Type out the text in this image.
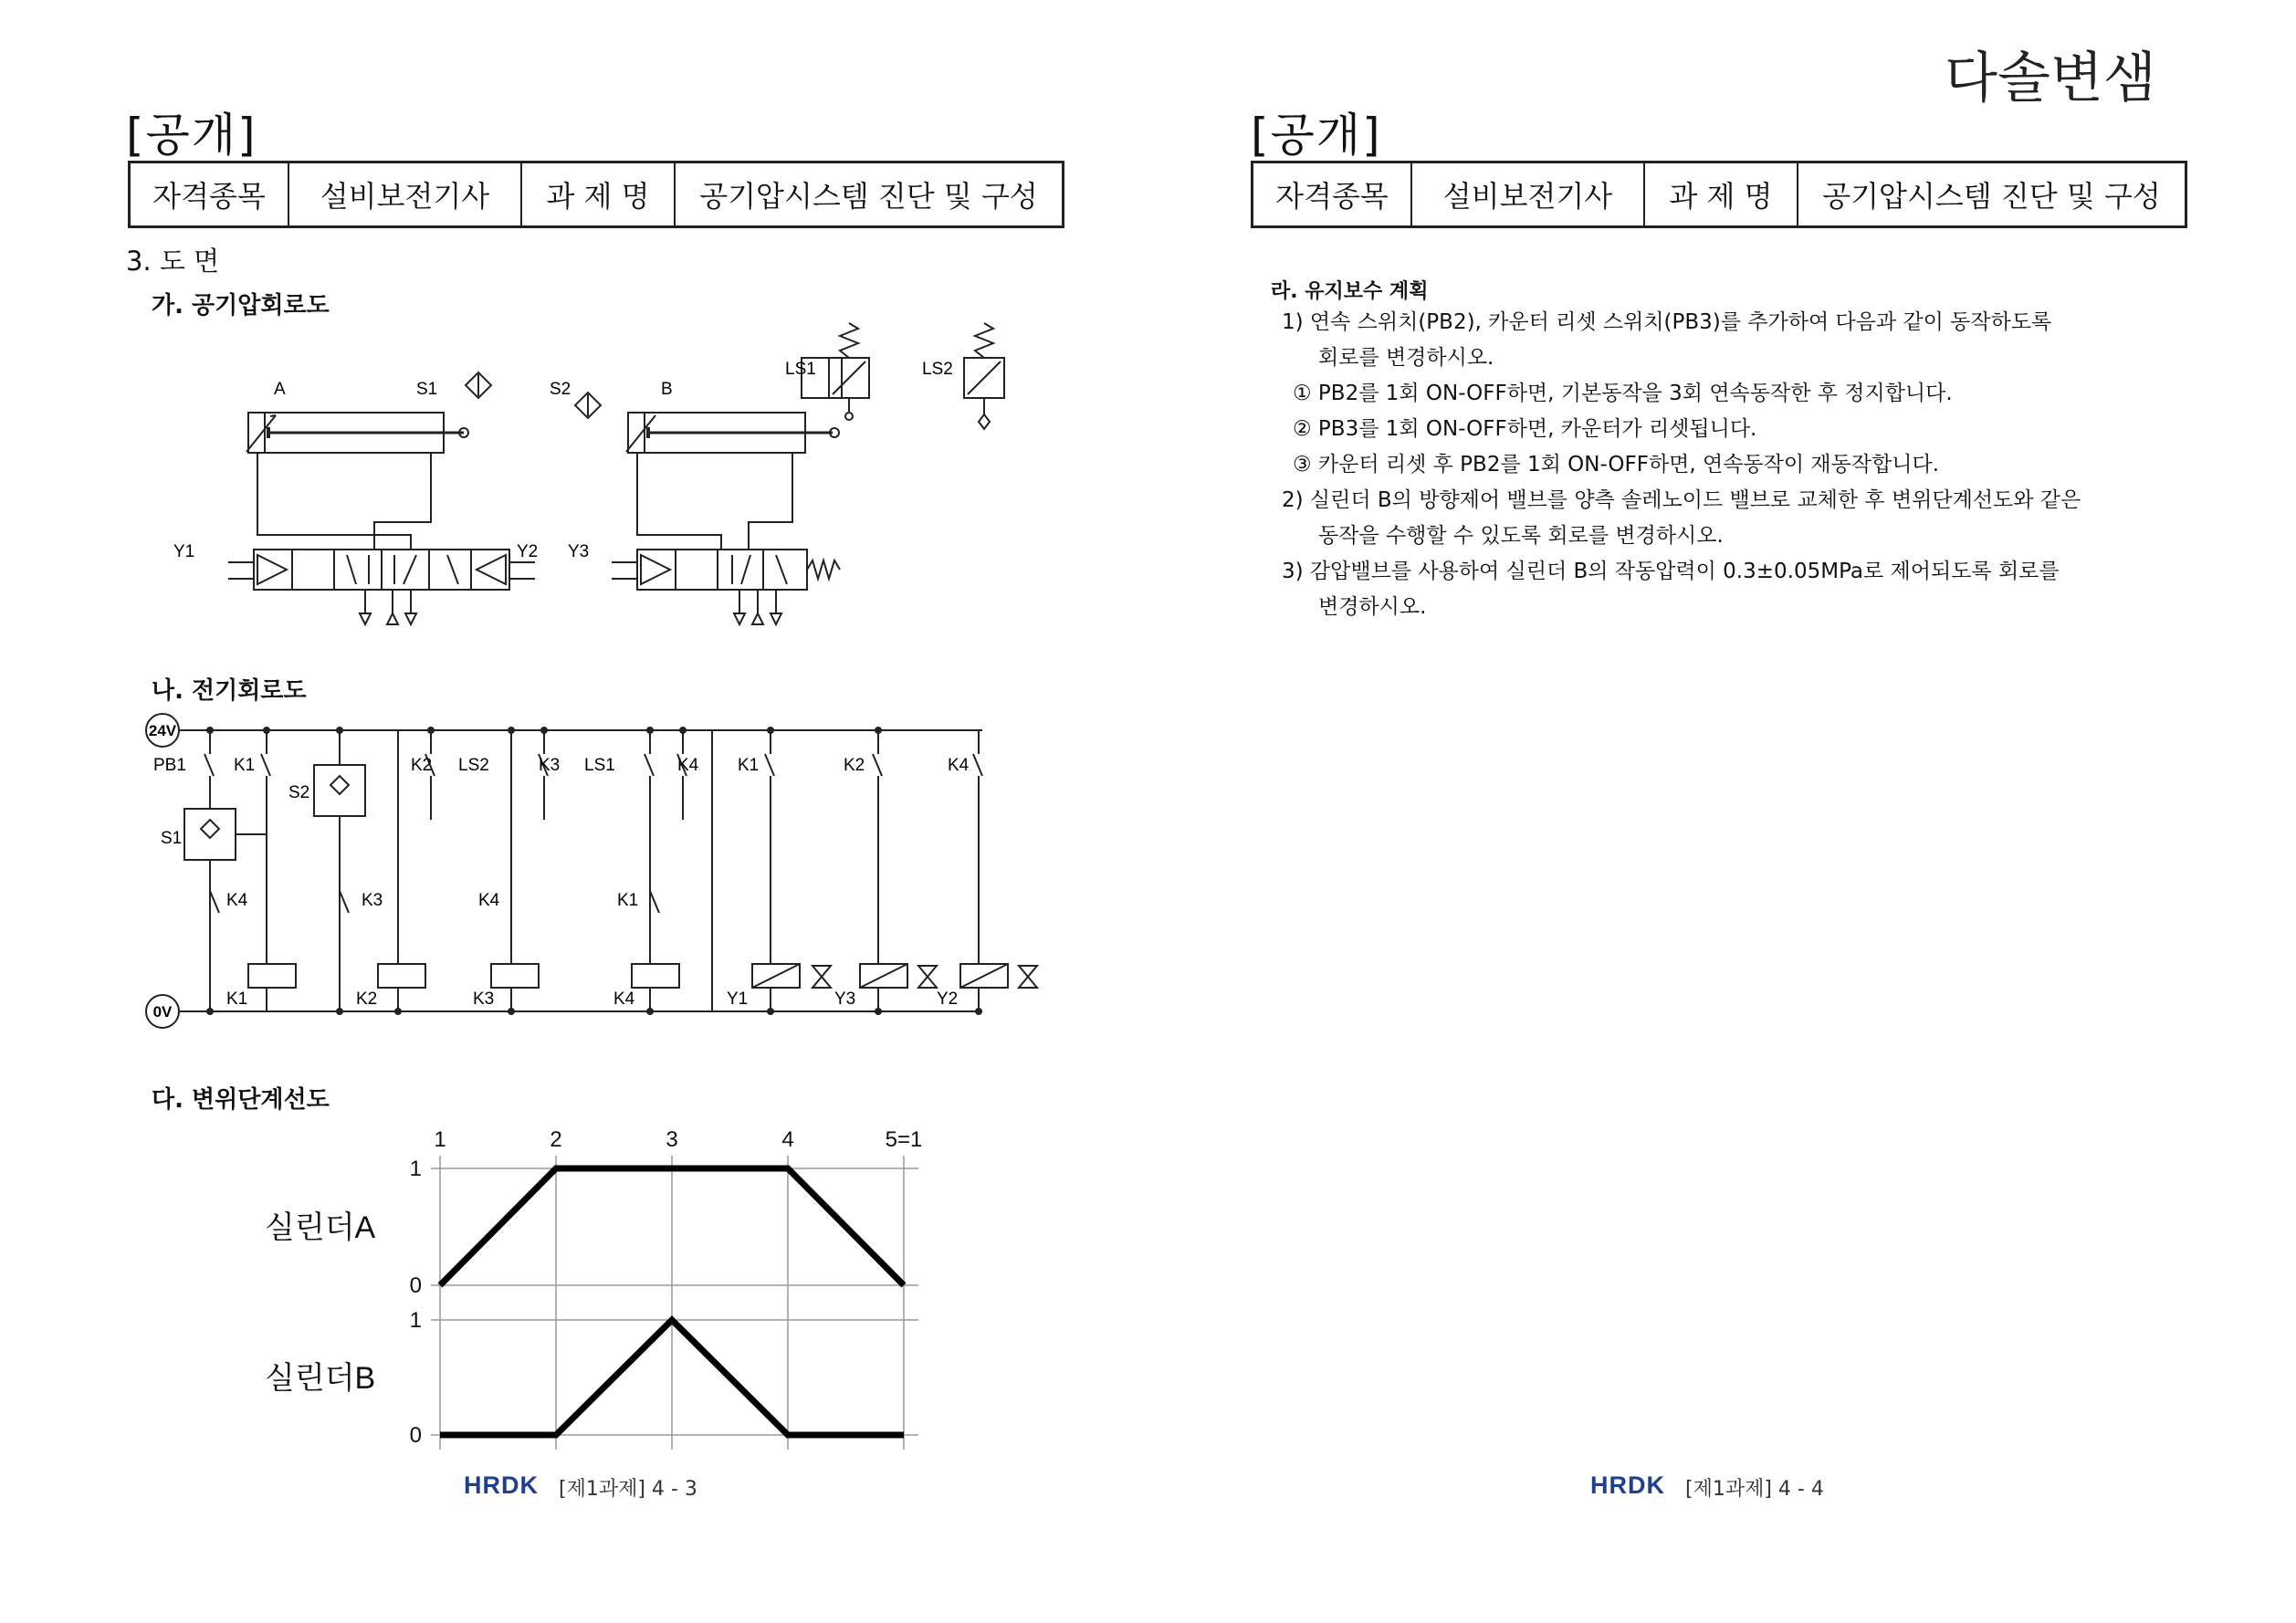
다솔변샘
[공개]
자격종목	설비보전기사	과 제 명	공기압시스템 진단 및 구성
3. 도 면
가. 공기압회로도
나. 전기회로도
다. 변위단계선도
A	S1	S2	B
LS1
Y1	Y2 Y3
LS2
24V
0V
PB1	K1
S1
S2
K2 LS2	K3 LS1	K4 K1	K2	K4
K4	K3	K4	K1
K1	K2	K3	K4	Y1	Y3	Y2
1	2	3	4	5=1
1
0
실린더A
1
0
실린더B
HRDK [제1과제] 4 - 3
[공개]
자격종목	설비보전기사	과 제 명	공기압시스템 진단 및 구성
라. 유지보수 계획
1) 연속 스위치(PB2), 카운터 리셋 스위치(PB3)를 추가하여 다음과 같이 동작하도록
회로를 변경하시오.
① PB2를 1회 ON-OFF하면, 기본동작을 3회 연속동작한 후 정지합니다.
② PB3를 1회 ON-OFF하면, 카운터가 리셋됩니다.
③ 카운터 리셋 후 PB2를 1회 ON-OFF하면, 연속동작이 재동작합니다.
2) 실린더 B의 방향제어 밸브를 양측 솔레노이드 밸브로 교체한 후 변위단계선도와 같은
동작을 수행할 수 있도록 회로를 변경하시오.
3) 감압밸브를 사용하여 실린더 B의 작동압력이 0.3±0.05MPa로 제어되도록 회로를
변경하시오.
HRDK [제1과제] 4 - 4
